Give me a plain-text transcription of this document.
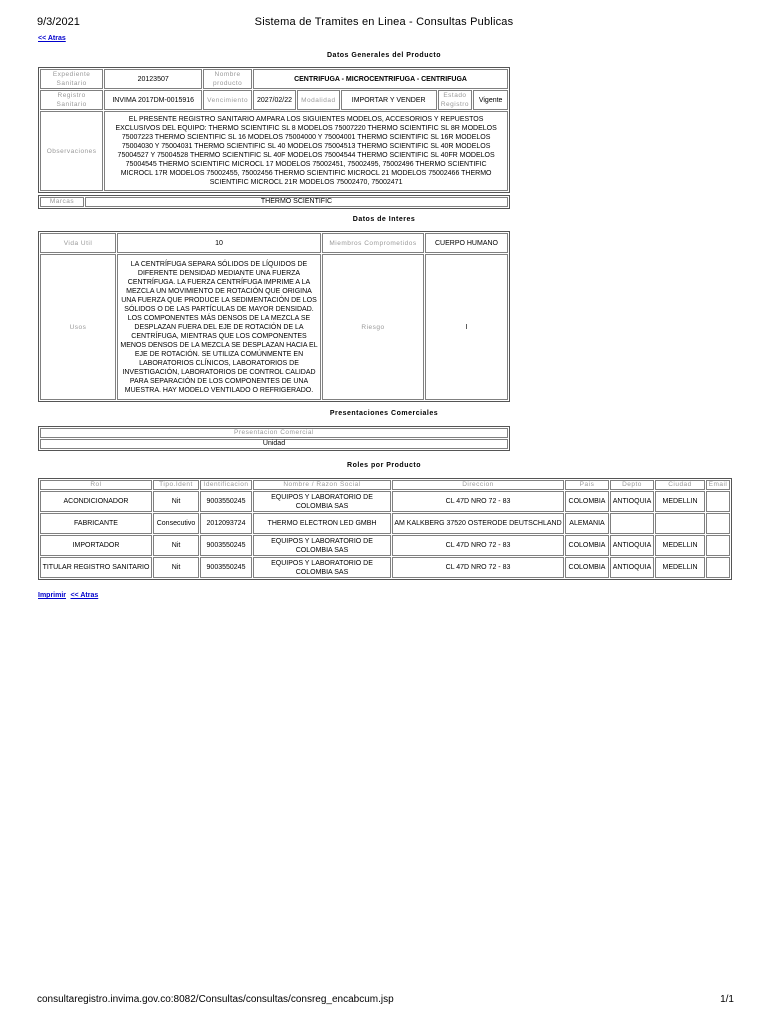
9/3/2021	Sistema de Tramites en Linea - Consultas Publicas
<< Atras
Datos Generales del Producto
Expediente Sanitario	20123507	Nombre producto	CENTRIFUGA - MICROCENTRIFUGA - CENTRIFUGA				
Registro Sanitario	INVIMA 2017DM-0015916	Vencimiento	2027/02/22	Modalidad	IMPORTAR Y VENDER	Estado Registro	Vigente
Observaciones	EL PRESENTE REGISTRO SANITARIO AMPARA LOS SIGUIENTES MODELOS, ACCESORIOS Y REPUESTOS EXCLUSIVOS DEL EQUIPO: THERMO SCIENTIFIC SL 8 MODELOS 75007220 THERMO SCIENTIFIC SL 8R MODELOS 75007223 THERMO SCIENTIFIC SL 16 MODELOS 75004000 Y 75004001 THERMO SCIENTIFIC SL 16R MODELOS 75004030 Y 75004031 THERMO SCIENTIFIC SL 40 MODELOS 75004513 THERMO SCIENTIFIC SL 40R MODELOS 75004527 Y 75004528 THERMO SCIENTIFIC SL 40F MODELOS 75004544 THERMO SCIENTIFIC SL 40FR MODELOS 75004545 THERMO SCIENTIFIC MICROCL 17 MODELOS 75002451, 75002495, 75002496 THERMO SCIENTIFIC MICROCL 17R MODELOS 75002455, 75002456 THERMO SCIENTIFIC MICROCL 21 MODELOS 75002466 THERMO SCIENTIFIC MICROCL 21R MODELOS 75002470, 75002471						
Marcas	THERMO SCIENTIFIC
Datos de Interes
Vida Util	10	Miembros Comprometidos	CUERPO HUMANO
Usos	LA CENTRÍFUGA SEPARA SÓLIDOS DE LÍQUIDOS DE DIFERENTE DENSIDAD MEDIANTE UNA FUERZA CENTRÍFUGA. LA FUERZA CENTRÍFUGA IMPRIME A LA MEZCLA UN MOVIMIENTO DE ROTACIÓN QUE ORIGINA UNA FUERZA QUE PRODUCE LA SEDIMENTACIÓN DE LOS SÓLIDOS O DE LAS PARTÍCULAS DE MAYOR DENSIDAD. LOS COMPONENTES MÁS DENSOS DE LA MEZCLA SE DESPLAZAN FUERA DEL EJE DE ROTACIÓN DE LA CENTRÍFUGA, MIENTRAS QUE LOS COMPONENTES MENOS DENSOS DE LA MEZCLA SE DESPLAZAN HACIA EL EJE DE ROTACIÓN. SE UTILIZA COMÚNMENTE EN LABORATORIOS CLÍNICOS, LABORATORIOS DE INVESTIGACIÓN, LABORATORIOS DE CONTROL CALIDAD PARA SEPARACIÓN DE LOS COMPONENTES DE UNA MUESTRA. HAY MODELO VENTILADO O REFRIGERADO.	Riesgo	I
Presentaciones Comerciales
Presentacion Comercial
Unidad
Roles por Producto
Rol	Tipo.Ident	Identificacion	Nombre / Razon Social	Direccion	Pais	Depto	Ciudad	Email
ACONDICIONADOR	Nit	9003550245	EQUIPOS Y LABORATORIO DE COLOMBIA SAS	CL 47D NRO 72 - 83	COLOMBIA	ANTIOQUIA	MEDELLIN	
FABRICANTE	Consecutivo	2012093724	THERMO ELECTRON LED GMBH	AM KALKBERG 37520 OSTERODE DEUTSCHLAND	ALEMANIA			
IMPORTADOR	Nit	9003550245	EQUIPOS Y LABORATORIO DE COLOMBIA SAS	CL 47D NRO 72 - 83	COLOMBIA	ANTIOQUIA	MEDELLIN	
TITULAR REGISTRO SANITARIO	Nit	9003550245	EQUIPOS Y LABORATORIO DE COLOMBIA SAS	CL 47D NRO 72 - 83	COLOMBIA	ANTIOQUIA	MEDELLIN	
Imprimir << Atras
consultaregistro.invima.gov.co:8082/Consultas/consultas/consreg_encabcum.jsp	1/1
